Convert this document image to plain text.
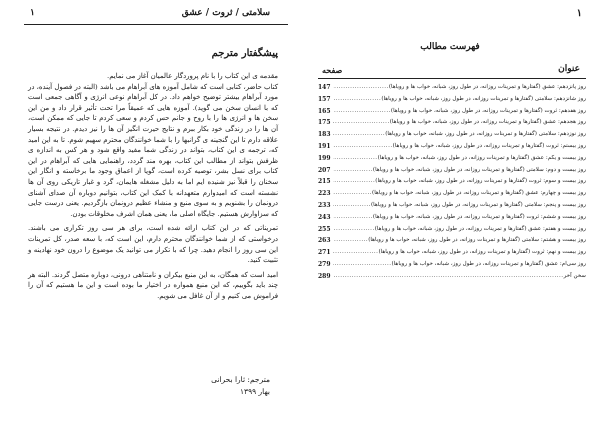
سلامتی / ثروت / عشق
۱
پیشگفتار مترجم

مقدمه ی این کتاب را با نام پروردگار عالمیان آغاز می نمایم.

کتاب حاضر، کتابی است که شامل آموزه های آبراهام می باشد (البته در فصول آینده، در مورد آبراهام بیشتر توضیح خواهم داد. در کل آبراهام نوعی انرژی و آگاهی جمعی است که با انسان سخن می گوید). آموزه هایی که عمیقاً مرا تحت تأثیر قرار داد و من این سخن ها و انرژی ها را با روح و جانم حس کردم و سعی کردم تا جایی که ممکن است، آن ها را در زندگی خود بکار ببرم و نتایج حیرت انگیز آن ها را نیز دیدم. در نتیجه بسیار علاقه دارم تا این گنجینه ی گرانبها را با شما خوانندگان محترم سهیم شوم. تا به این امید که، ترجمه ی این کتاب، بتواند در زندگی شما مفید واقع شود و هر کس به اندازه ی ظرفش بتواند از مطالب این کتاب، بهره مند گردد، راهنمایی هایی که آبراهام در این کتاب برای نسل بشر، توصیه کرده است، گویا از اعماق وجود ما برخاسته و انگار این سخنان را قبلاً نیز شنیده ایم اما به دلیل مشغله هایمان، گرد و غبار تاریکی روی آن ها نشسته است که امیدوارم متعهدانه با کمک این کتاب، بتوانیم دوباره آن صدای آشنای درونمان را بشنویم و به سوی منبع و منشاء عظیم درونمان بازگردیم. یعنی درست جایی که سزاوارش هستیم. جایگاه اصلی ما، یعنی همان اشرف مخلوقات بودن.

تمریناتی که در این کتاب ارائه شده است، برای هر سی روز تکراری می باشند. درخواستی که از شما خوانندگان محترم دارم، این است که، با سعه صدر، کل تمرینات این سی روز را انجام دهید. چرا که با تکرار می توانید یک موضوع را درون خود نهادینه و تثبیت کنید.

امید است که همگان، به این منبع بیکران و نامتناهی درونی، دوباره متصل گردند. البته هر چند باید بگوییم، که این منبع همواره در اختیار ما بوده است و این ما هستیم که آن را فراموش می کنیم و از آن غافل می شویم.

مترجم: ثارا بحرانی
بهار ۱۳۹۹
۱
فهرست مطالب
عنوان
صفحه
روز پانزدهم: عشق (گفتارها و تمرینات روزانه، در طول روز، شبانه، خواب ها و رویاها)
.....
147
روز شانزدهم: سلامتی (گفتارها و تمرینات روزانه، در طول روز، شبانه، خواب ها و رویاها)
.....
157
روز هفدهم: ثروت (گفتارها و تمرینات روزانه، در طول روز، شبانه، خواب ها و رویاها)
.....
165
روز هجدهم: عشق (گفتارها و تمرینات روزانه، در طول روز، شبانه، خواب ها و رویاها)
.....
175
روز نوزدهم: سلامتی (گفتارها و تمرینات روزانه، در طول روز، شبانه، خواب ها و رویاها)
.....
183
روز بیستم: ثروت (گفتارها و تمرینات روزانه، در طول روز، شبانه، خواب ها و رویاها)
.....
191
روز بیست و یکم: عشق (گفتارها و تمرینات روزانه، در طول روز، شبانه، خواب ها و رویاها)
.....
199
روز بیست و دوم: سلامتی (گفتارها و تمرینات روزانه، در طول روز، شبانه، خواب ها و رویاها)
.....
207
روز بیست و سوم: ثروت (گفتارها و تمرینات روزانه، در طول روز، شبانه، خواب ها و رویاها)
.....
215
روز بیست و چهارم: عشق (گفتارها و تمرینات روزانه، در طول روز، شبانه، خواب ها و رویاها)
.....
223
روز بیست و پنجم: سلامتی (گفتارها و تمرینات روزانه، در طول روز، شبانه، خواب ها و رویاها)
.....
233
روز بیست و ششم: ثروت (گفتارها و تمرینات روزانه، در طول روز، شبانه، خواب ها و رویاها)
.....
243
روز بیست و هفتم: عشق (گفتارها و تمرینات روزانه، در طول روز، شبانه، خواب ها و رویاها)
.....
255
روز بیست و هشتم: سلامتی (گفتارها و تمرینات روزانه، در طول روز، شبانه، خواب ها و رویاها)
.....
263
روز بیست و نهم: ثروت (گفتارها و تمرینات روزانه، در طول روز، شبانه، خواب ها و رویاها)
.....
271
روز سی‌ام: عشق (گفتارها و تمرینات روزانه، در طول روز، شبانه، خواب ها و رویاها)
.....
279
سخن آخر
.....
289
